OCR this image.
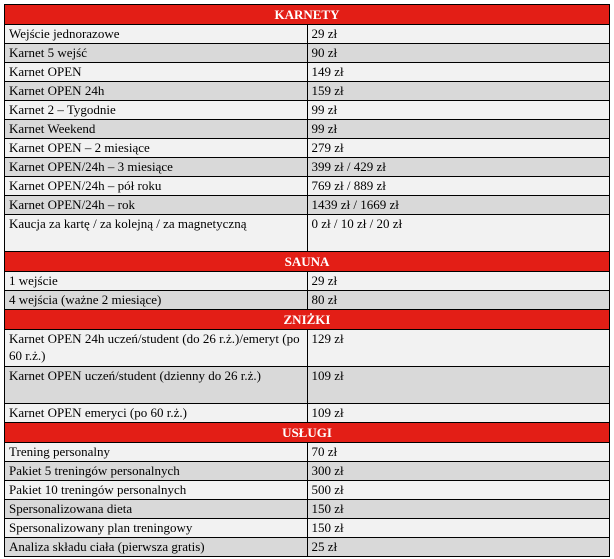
KARNETY	
Wejście jednorazowe	29 zł
Karnet 5 wejść	90 zł
Karnet OPEN	149 zł
Karnet OPEN 24h	159 zł
Karnet 2 – Tygodnie	99 zł
Karnet Weekend	99 zł
Karnet OPEN – 2 miesiące	279 zł
Karnet OPEN/24h – 3 miesiące	399 zł / 429 zł
Karnet OPEN/24h – pół roku	769 zł / 889 zł
Karnet OPEN/24h – rok	1439 zł / 1669 zł
Kaucja za kartę / za kolejną / za magnetyczną	0 zł / 10 zł / 20 zł
SAUNA	
1 wejście	29 zł
4 wejścia (ważne 2 miesiące)	80 zł
ZNIŻKI	
Karnet OPEN 24h uczeń/student (do 26 r.ż.)/emeryt (po 60 r.ż.)	129 zł
Karnet OPEN uczeń/student (dzienny do 26 r.ż.)	109 zł
Karnet OPEN emeryci (po 60 r.ż.)	109 zł
USŁUGI	
Trening personalny	70 zł
Pakiet 5 treningów personalnych	300 zł
Pakiet 10 treningów personalnych	500 zł
Spersonalizowana dieta	150 zł
Spersonalizowany plan treningowy	150 zł
Analiza składu ciała (pierwsza gratis)	25 zł
